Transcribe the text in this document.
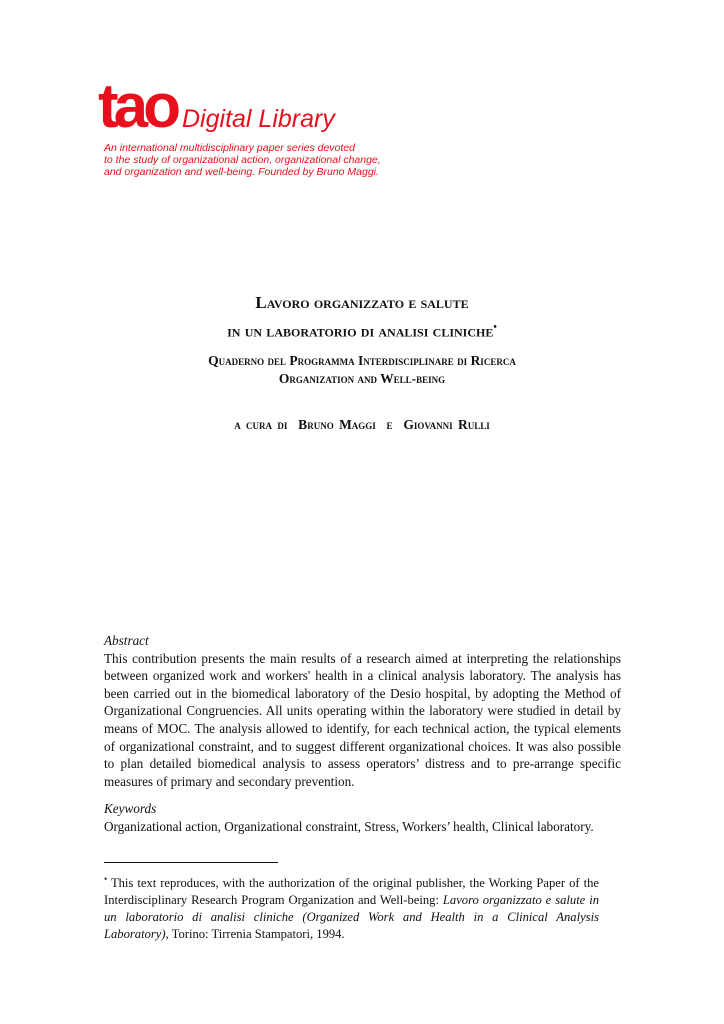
tao Digital Library
An international multidisciplinary paper series devoted
to the study of organizational action, organizational change,
and organization and well-being. Founded by Bruno Maggi.
Lavoro organizzato e salute
in un laboratorio di analisi cliniche•
Quaderno del Programma Interdisciplinare di Ricerca
Organization and Well-being
a cura di  Bruno Maggi  e  Giovanni Rulli
Abstract
This contribution presents the main results of a research aimed at interpreting the relationships between organized work and workers' health in a clinical analysis laboratory. The analysis has been carried out in the biomedical laboratory of the Desio hospital, by adopting the Method of Organizational Congruencies. All units operating within the laboratory were studied in detail by means of MOC. The analysis allowed to identify, for each technical action, the typical elements of organizational constraint, and to suggest different organizational choices. It was also possible to plan detailed biomedical analysis to assess operators’ distress and to pre-arrange specific measures of primary and secondary prevention.
Keywords
Organizational action, Organizational constraint, Stress, Workers’ health, Clinical laboratory.
• This text reproduces, with the authorization of the original publisher, the Working Paper of the Interdisciplinary Research Program Organization and Well-being: Lavoro organizzato e salute in un laboratorio di analisi cliniche (Organized Work and Health in a Clinical Analysis Laboratory), Torino: Tirrenia Stampatori, 1994.
